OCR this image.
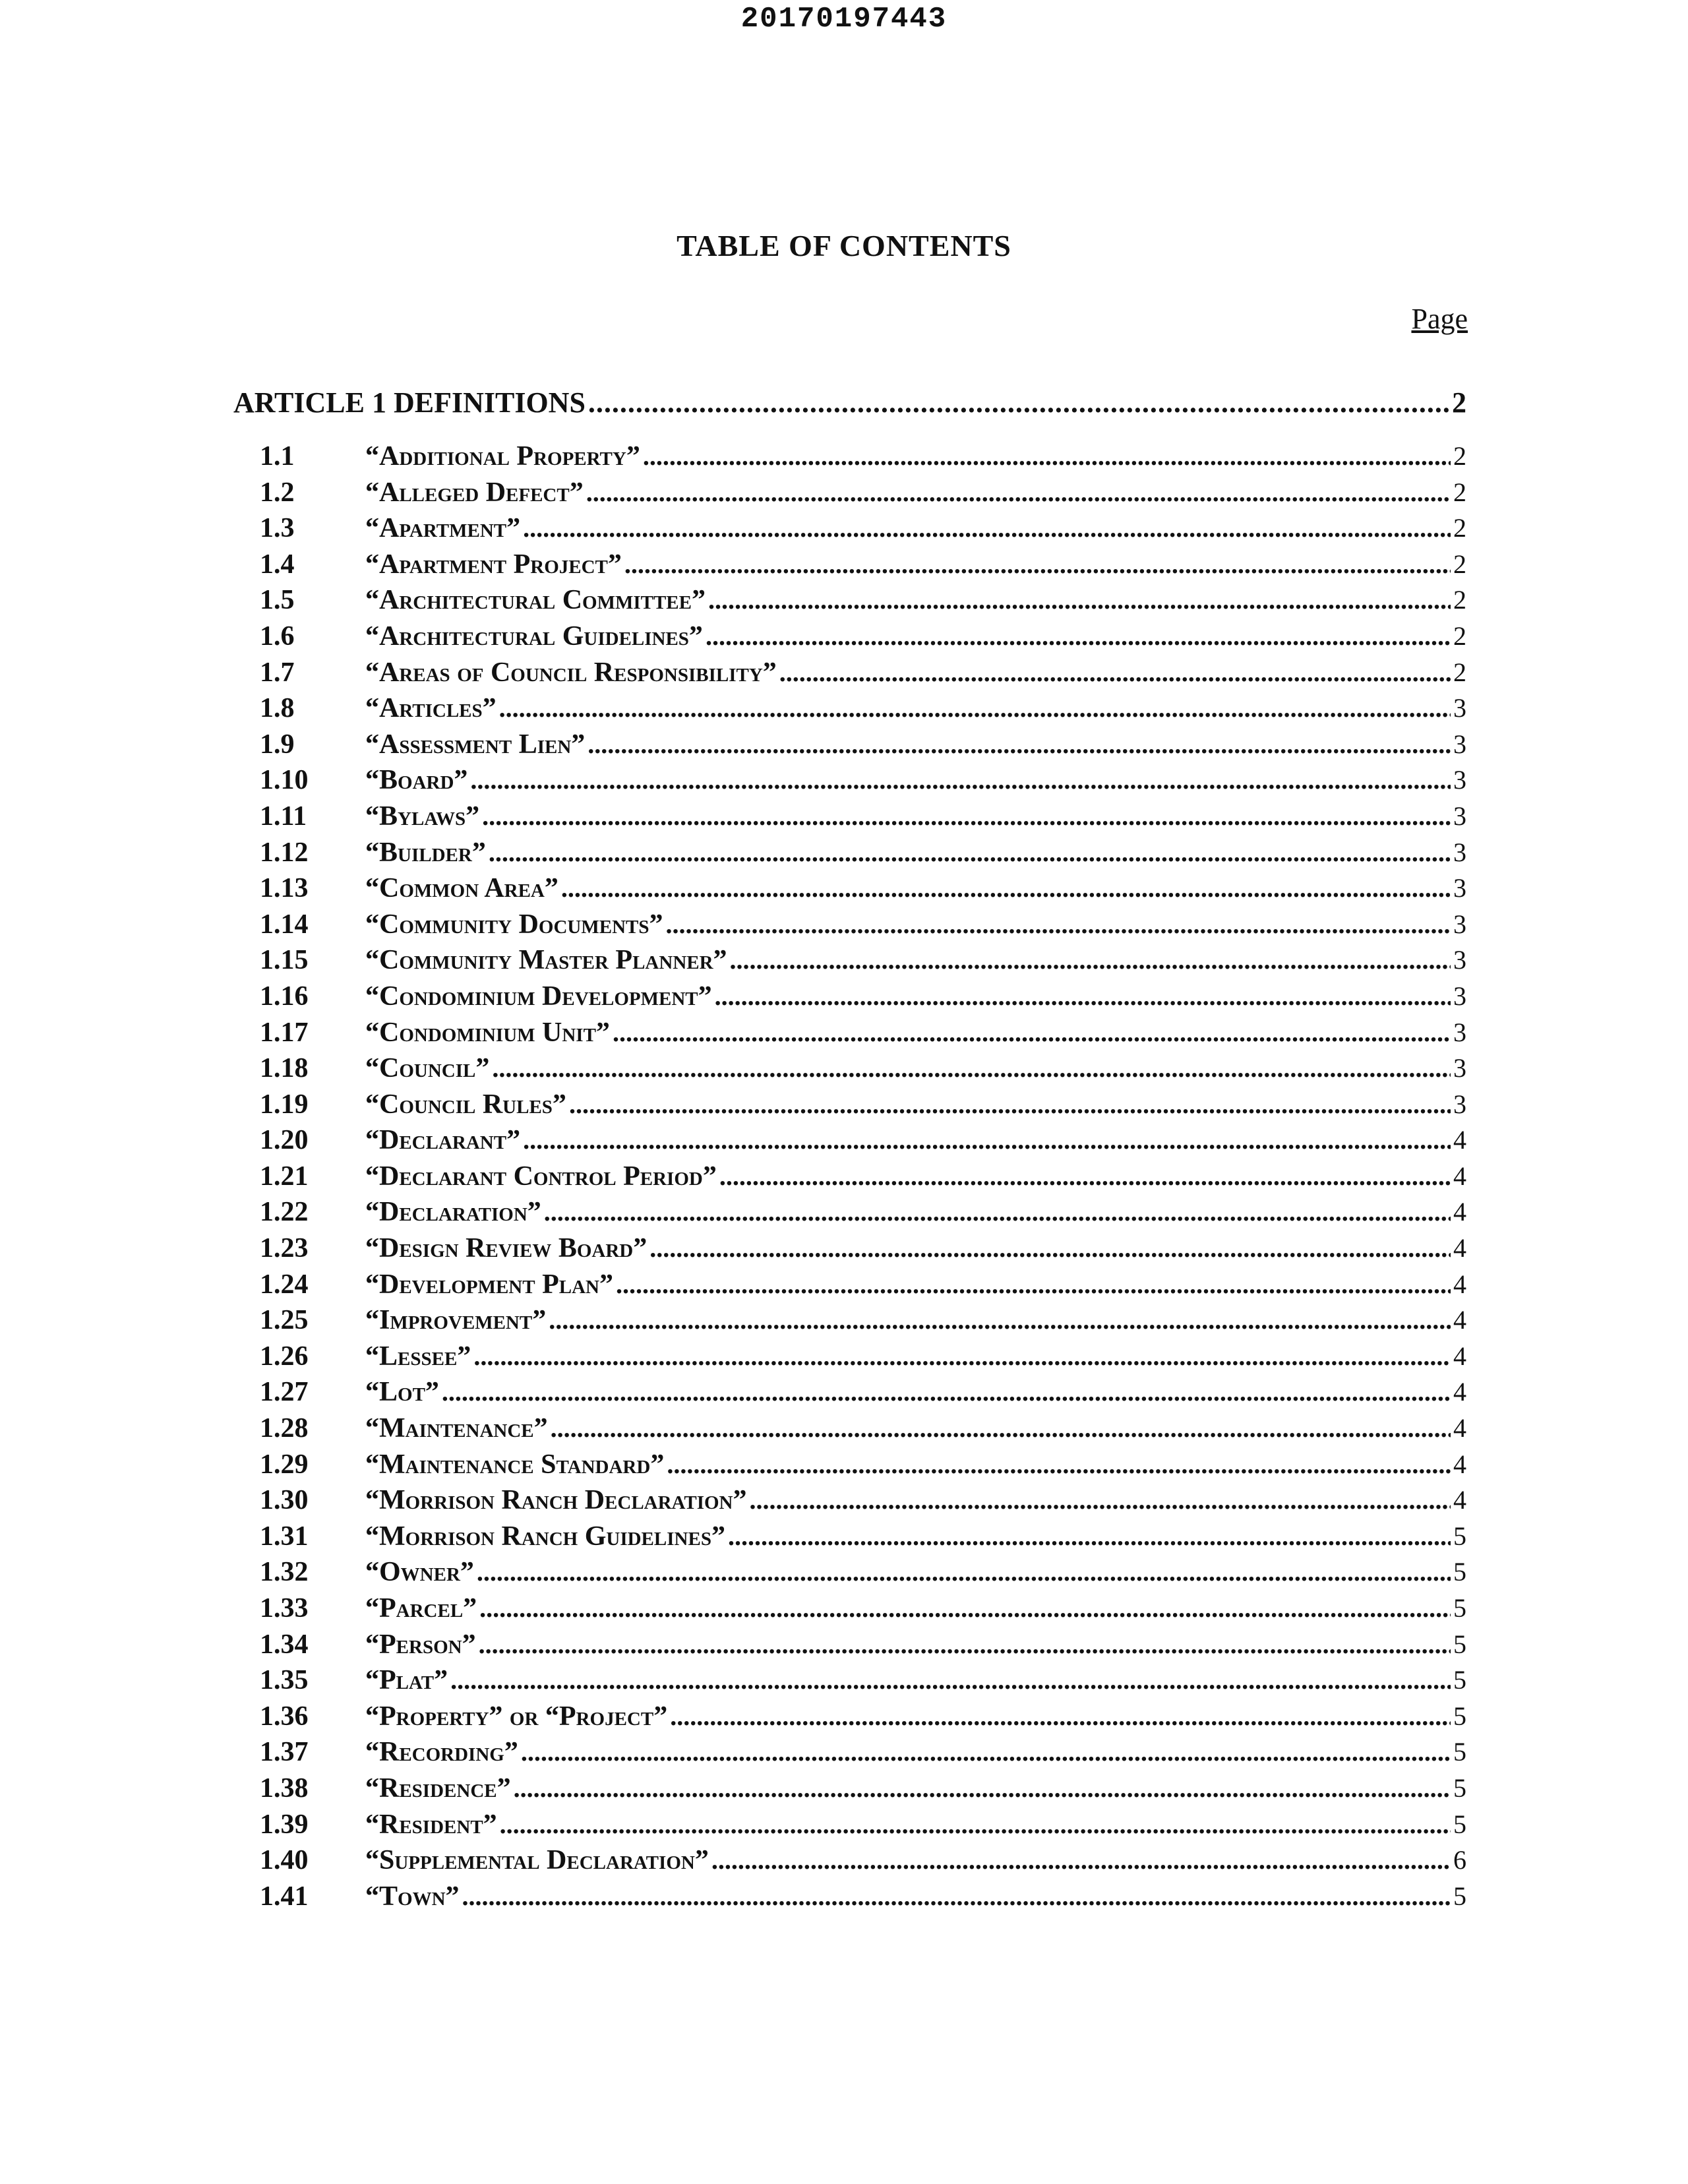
20170197443
TABLE OF CONTENTS
Page
ARTICLE 1 DEFINITIONS . . .	2
1.1	“Additional Property” . . .	2
1.2	“Alleged Defect” . . .	2
1.3	“Apartment” . . .	2
1.4	“Apartment Project” . . .	2
1.5	“Architectural Committee” . . .	2
1.6	“Architectural Guidelines” . . .	2
1.7	“Areas of Council Responsibility” . . .	2
1.8	“Articles” . . .	3
1.9	“Assessment Lien” . . .	3
1.10	“Board” . . .	3
1.11	“Bylaws” . . .	3
1.12	“Builder” . . .	3
1.13	“Common Area” . . .	3
1.14	“Community Documents” . . .	3
1.15	“Community Master Planner” . . .	3
1.16	“Condominium Development” . . .	3
1.17	“Condominium Unit” . . .	3
1.18	“Council” . . .	3
1.19	“Council Rules” . . .	3
1.20	“Declarant” . . .	4
1.21	“Declarant Control Period” . . .	4
1.22	“Declaration” . . .	4
1.23	“Design Review Board” . . .	4
1.24	“Development Plan” . . .	4
1.25	“Improvement” . . .	4
1.26	“Lessee” . . .	4
1.27	“Lot” . . .	4
1.28	“Maintenance” . . .	4
1.29	“Maintenance Standard” . . .	4
1.30	“Morrison Ranch Declaration” . . .	4
1.31	“Morrison Ranch Guidelines” . . .	5
1.32	“Owner” . . .	5
1.33	“Parcel” . . .	5
1.34	“Person” . . .	5
1.35	“Plat” . . .	5
1.36	“Property” or “Project” . . .	5
1.37	“Recording” . . .	5
1.38	“Residence” . . .	5
1.39	“Resident” . . .	5
1.40	“Supplemental Declaration” . . .	6
1.41	“Town” . . .	5
